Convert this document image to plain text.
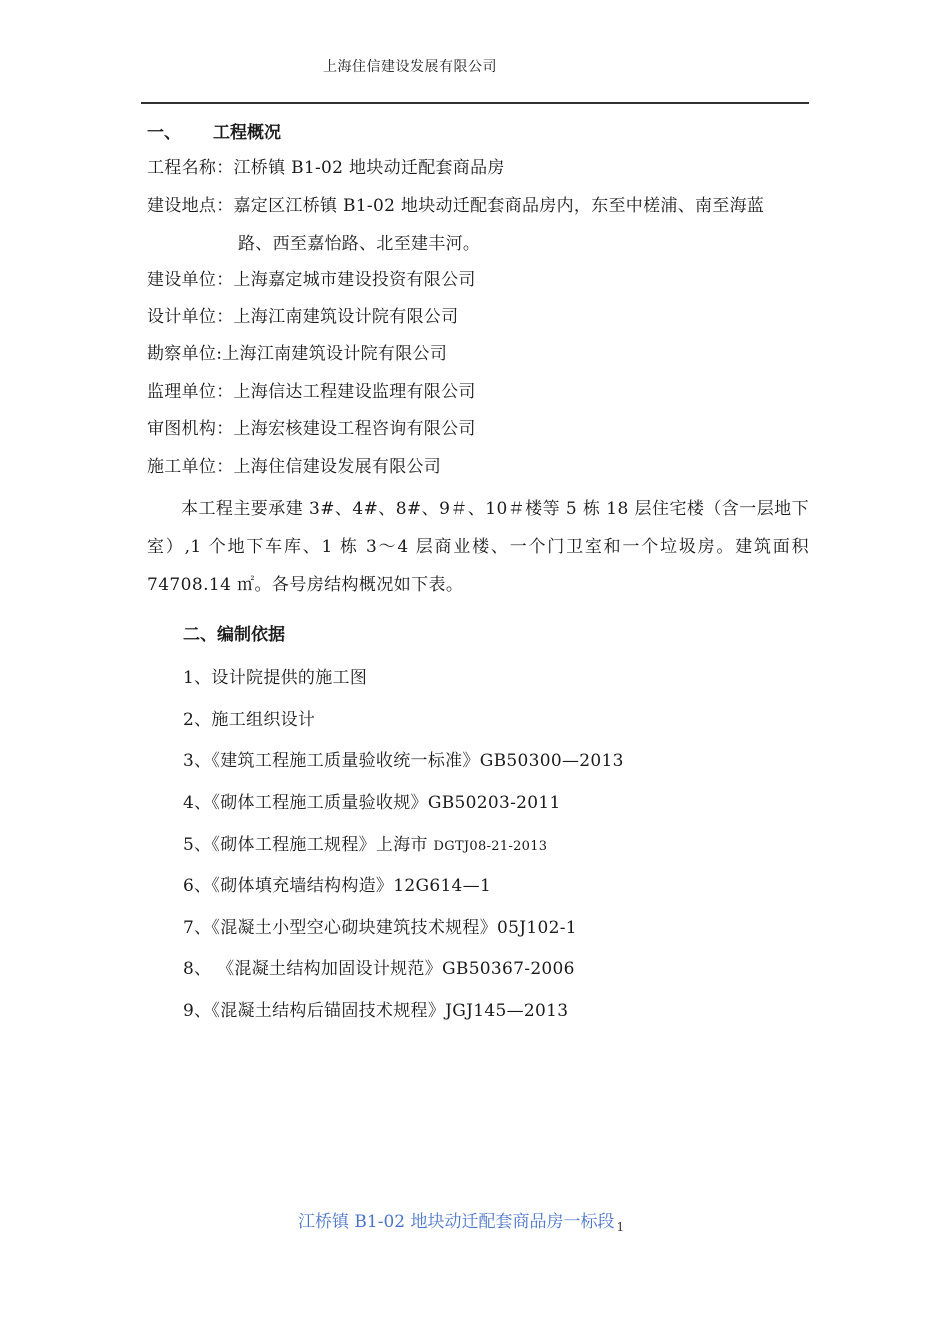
上海住信建设发展有限公司
一、 工程概况
工程名称：江桥镇 B1-02 地块动迁配套商品房
建设地点：嘉定区江桥镇 B1-02 地块动迁配套商品房内，东至中槎浦、南至海蓝
路、西至嘉怡路、北至建丰河。
建设单位：上海嘉定城市建设投资有限公司
设计单位：上海江南建筑设计院有限公司
勘察单位:上海江南建筑设计院有限公司
监理单位：上海信达工程建设监理有限公司
审图机构：上海宏核建设工程咨询有限公司
施工单位：上海住信建设发展有限公司
本工程主要承建 3#、4#、8#、9＃、10＃楼等 5 栋 18 层住宅楼（含一层地下室）,1 个地下车库、1 栋 3～4 层商业楼、一个门卫室和一个垃圾房。建筑面积 74708.14 ㎡。各号房结构概况如下表。
二、编制依据
1、设计院提供的施工图
2、施工组织设计
3、《建筑工程施工质量验收统一标准》GB50300—2013
4、《砌体工程施工质量验收规》GB50203-2011
5、《砌体工程施工规程》上海市 DGTJ08-21-2013
6、《砌体填充墙结构构造》12G614—1
7、《混凝土小型空心砌块建筑技术规程》05J102-1
8、 《混凝土结构加固设计规范》GB50367-2006
9、《混凝土结构后锚固技术规程》JGJ145—2013
江桥镇 B1-02 地块动迁配套商品房一标段 $_1$
